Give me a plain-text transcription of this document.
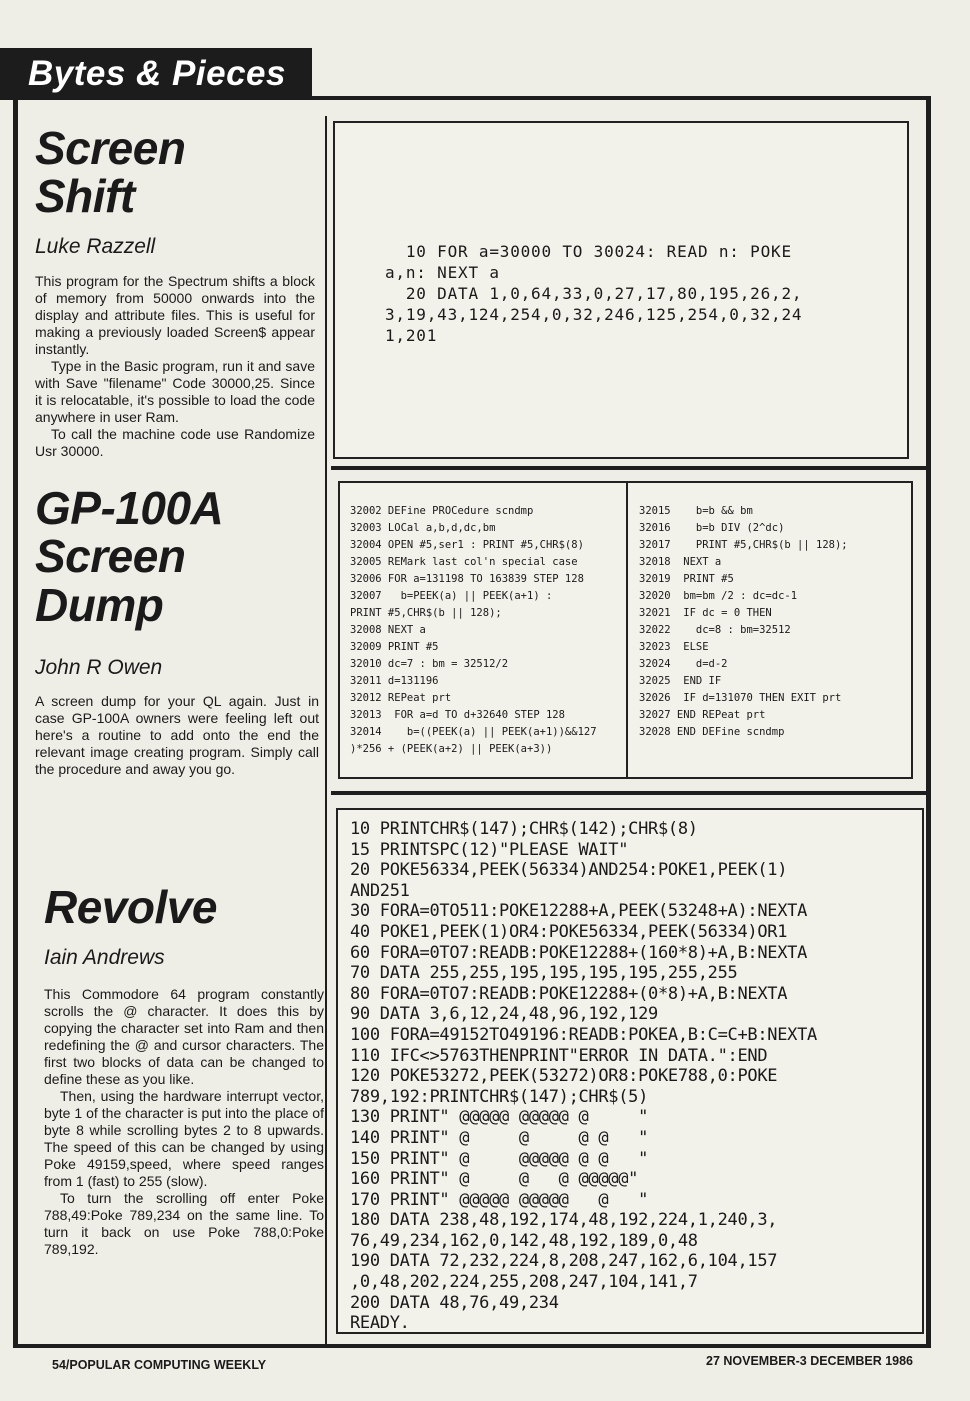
Bytes & Pieces
Screen
Shift
Luke Razzell

This program for the Spectrum shifts a block of memory from 50000 onwards into the display and attribute files. This is useful for making a previously loaded Screen$ appear instantly.

Type in the Basic program, run it and save with Save "filename" Code 30000,25. Since it is relocatable, it's possible to load the code anywhere in user Ram.

To call the machine code use Randomize Usr 30000.

10 FOR a=30000 TO 30024: READ n: POKE
a,n: NEXT a
20 DATA 1,0,64,33,0,27,17,80,195,26,2,
3,19,43,124,254,0,32,246,125,254,0,32,24
1,201
GP-100A
Screen
Dump
John R Owen

A screen dump for your QL again. Just in case GP-100A owners were feeling left out here's a routine to add onto the end the relevant image creating program. Simply call the procedure and away you go.

32002 DEFine PROCedure scndmp
32003 LOCal a,b,d,dc,bm
32004 OPEN #5,ser1 : PRINT #5,CHR$(8)
32005 REMark last col'n special case
32006 FOR a=131198 TO 163839 STEP 128
32007   b=PEEK(a) || PEEK(a+1) :
PRINT #5,CHR$(b || 128);
32008 NEXT a
32009 PRINT #5
32010 dc=7 : bm = 32512/2
32011 d=131196
32012 REPeat prt
32013  FOR a=d TO d+32640 STEP 128
32014    b=((PEEK(a) || PEEK(a+1))&&127
)*256 + (PEEK(a+2) || PEEK(a+3))
32015    b=b && bm
32016    b=b DIV (2^dc)
32017    PRINT #5,CHR$(b || 128);
32018  NEXT a
32019  PRINT #5
32020  bm=bm /2 : dc=dc-1
32021  IF dc = 0 THEN
32022    dc=8 : bm=32512
32023  ELSE
32024    d=d-2
32025  END IF
32026  IF d=131070 THEN EXIT prt
32027 END REPeat prt
32028 END DEFine scndmp
Revolve
Iain Andrews

This Commodore 64 program constantly scrolls the @ character. It does this by copying the character set into Ram and then redefining the @ and cursor characters. The first two blocks of data can be changed to define these as you like.

Then, using the hardware interrupt vector, byte 1 of the character is put into the place of byte 8 while scrolling bytes 2 to 8 upwards. The speed of this can be changed by using Poke 49159,speed, where speed ranges from 1 (fast) to 255 (slow).

To turn the scrolling off enter Poke 788,49:Poke 789,234 on the same line. To turn it back on use Poke 788,0:Poke 789,192.

10 PRINTCHR$(147);CHR$(142);CHR$(8)
15 PRINTSPC(12)"PLEASE WAIT"
20 POKE56334,PEEK(56334)AND254:POKE1,PEEK(1)
AND251
30 FORA=0TO511:POKE12288+A,PEEK(53248+A):NEXTA
40 POKE1,PEEK(1)OR4:POKE56334,PEEK(56334)OR1
60 FORA=0TO7:READB:POKE12288+(160*8)+A,B:NEXTA
70 DATA 255,255,195,195,195,195,255,255
80 FORA=0TO7:READB:POKE12288+(0*8)+A,B:NEXTA
90 DATA 3,6,12,24,48,96,192,129
100 FORA=49152TO49196:READB:POKEA,B:C=C+B:NEXTA
110 IFC<>5763THENPRINT"ERROR IN DATA.":END
120 POKE53272,PEEK(53272)OR8:POKE788,0:POKE
789,192:PRINTCHR$(147);CHR$(5)
130 PRINT" @@@@@ @@@@@ @     "
140 PRINT" @     @     @ @   "
150 PRINT" @     @@@@@ @ @   "
160 PRINT" @     @   @ @@@@@"
170 PRINT" @@@@@ @@@@@   @   "
180 DATA 238,48,192,174,48,192,224,1,240,3,
76,49,234,162,0,142,48,192,189,0,48
190 DATA 72,232,224,8,208,247,162,6,104,157
,0,48,202,224,255,208,247,104,141,7
200 DATA 48,76,49,234
READY.
54/POPULAR COMPUTING WEEKLY	27 NOVEMBER-3 DECEMBER 1986
